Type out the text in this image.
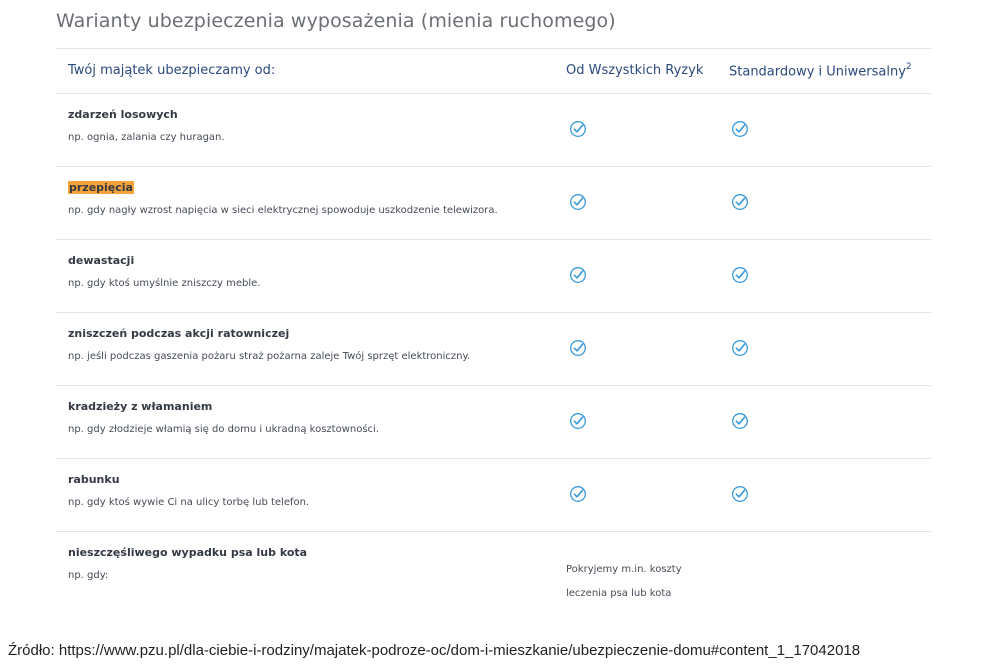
Warianty ubezpieczenia wyposażenia (mienia ruchomego)
Twój majątek ubezpieczamy od:	Od Wszystkich Ryzyk Standardowy i Uniwersalny$^2$
zdarzeń losowych
np. ognia, zalania czy huragan.
przepięcia
np. gdy nagły wzrost napięcia w sieci elektrycznej spowoduje uszkodzenie telewizora.
dewastacji
np. gdy ktoś umyślnie zniszczy meble.
zniszczeń podczas akcji ratowniczej
np. jeśli podczas gaszenia pożaru straż pożarna zaleje Twój sprzęt elektroniczny.
kradzieży z włamaniem
np. gdy złodzieje włamią się do domu i ukradną kosztowności.
rabunku
np. gdy ktoś wywie Ci na ulicy torbę lub telefon.
nieszczęśliwego wypadku psa lub kota
np. gdy:
Pokryjemy m.in. koszty
leczenia psa lub kota
Źródło: https://www.pzu.pl/dla-ciebie-i-rodziny/majatek-podroze-oc/dom-i-mieszkanie/ubezpieczenie-domu#content_1_17042018
